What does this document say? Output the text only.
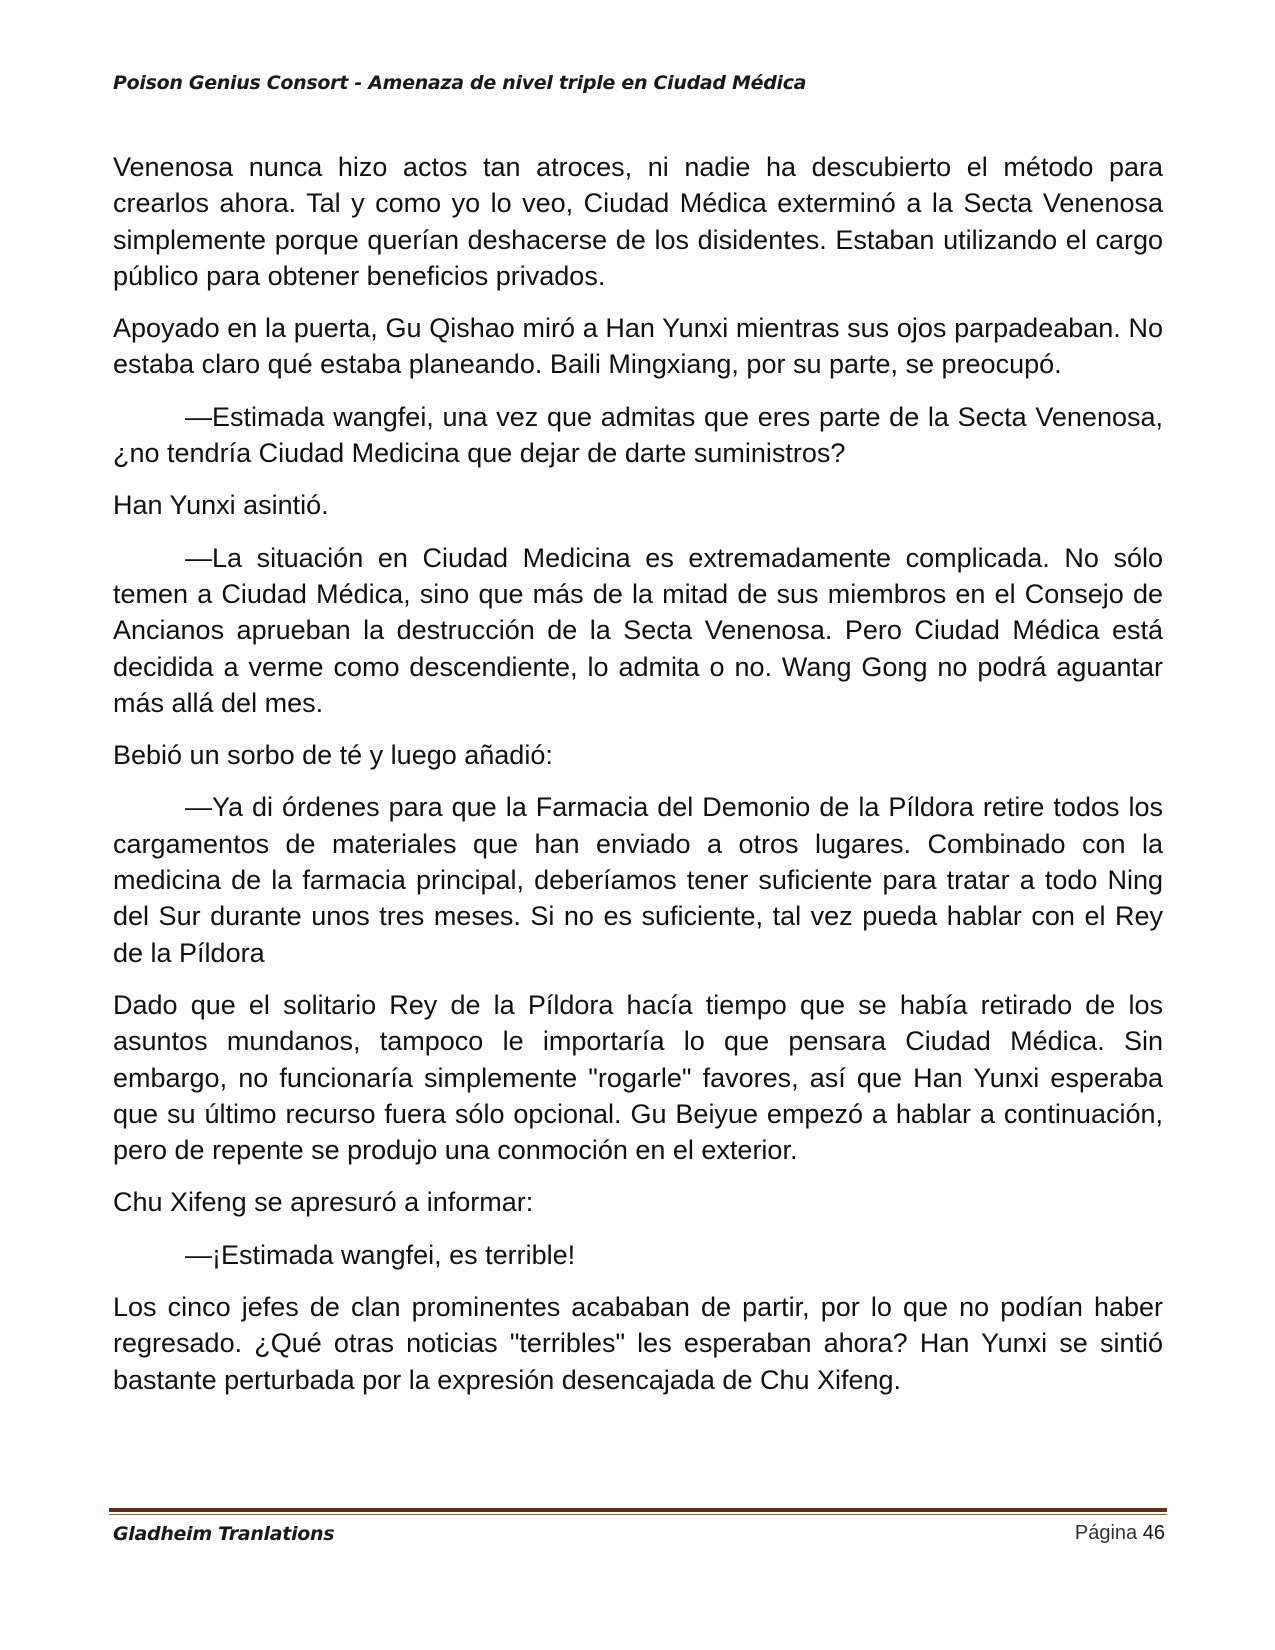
Poison Genius Consort - Amenaza de nivel triple en Ciudad Médica

Venenosa nunca hizo actos tan atroces, ni nadie ha descubierto el método para crearlos ahora. Tal y como yo lo veo, Ciudad Médica exterminó a la Secta Venenosa simplemente porque querían deshacerse de los disidentes. Estaban utilizando el cargo público para obtener beneficios privados.

Apoyado en la puerta, Gu Qishao miró a Han Yunxi mientras sus ojos parpadeaban. No estaba claro qué estaba planeando. Baili Mingxiang, por su parte, se preocupó.

—Estimada wangfei, una vez que admitas que eres parte de la Secta Venenosa, ¿no tendría Ciudad Medicina que dejar de darte suministros?

Han Yunxi asintió.

—La situación en Ciudad Medicina es extremadamente complicada. No sólo temen a Ciudad Médica, sino que más de la mitad de sus miembros en el Consejo de Ancianos aprueban la destrucción de la Secta Venenosa. Pero Ciudad Médica está decidida a verme como descendiente, lo admita o no. Wang Gong no podrá aguantar más allá del mes.

Bebió un sorbo de té y luego añadió:

—Ya di órdenes para que la Farmacia del Demonio de la Píldora retire todos los cargamentos de materiales que han enviado a otros lugares. Combinado con la medicina de la farmacia principal, deberíamos tener suficiente para tratar a todo Ning del Sur durante unos tres meses. Si no es suficiente, tal vez pueda hablar con el Rey de la Píldora

Dado que el solitario Rey de la Píldora hacía tiempo que se había retirado de los asuntos mundanos, tampoco le importaría lo que pensara Ciudad Médica. Sin embargo, no funcionaría simplemente "rogarle" favores, así que Han Yunxi esperaba que su último recurso fuera sólo opcional. Gu Beiyue empezó a hablar a continuación, pero de repente se produjo una conmoción en el exterior.

Chu Xifeng se apresuró a informar:

—¡Estimada wangfei, es terrible!

Los cinco jefes de clan prominentes acababan de partir, por lo que no podían haber regresado. ¿Qué otras noticias "terribles" les esperaban ahora? Han Yunxi se sintió bastante perturbada por la expresión desencajada de Chu Xifeng.

Gladheim Tranlations	Página 46
